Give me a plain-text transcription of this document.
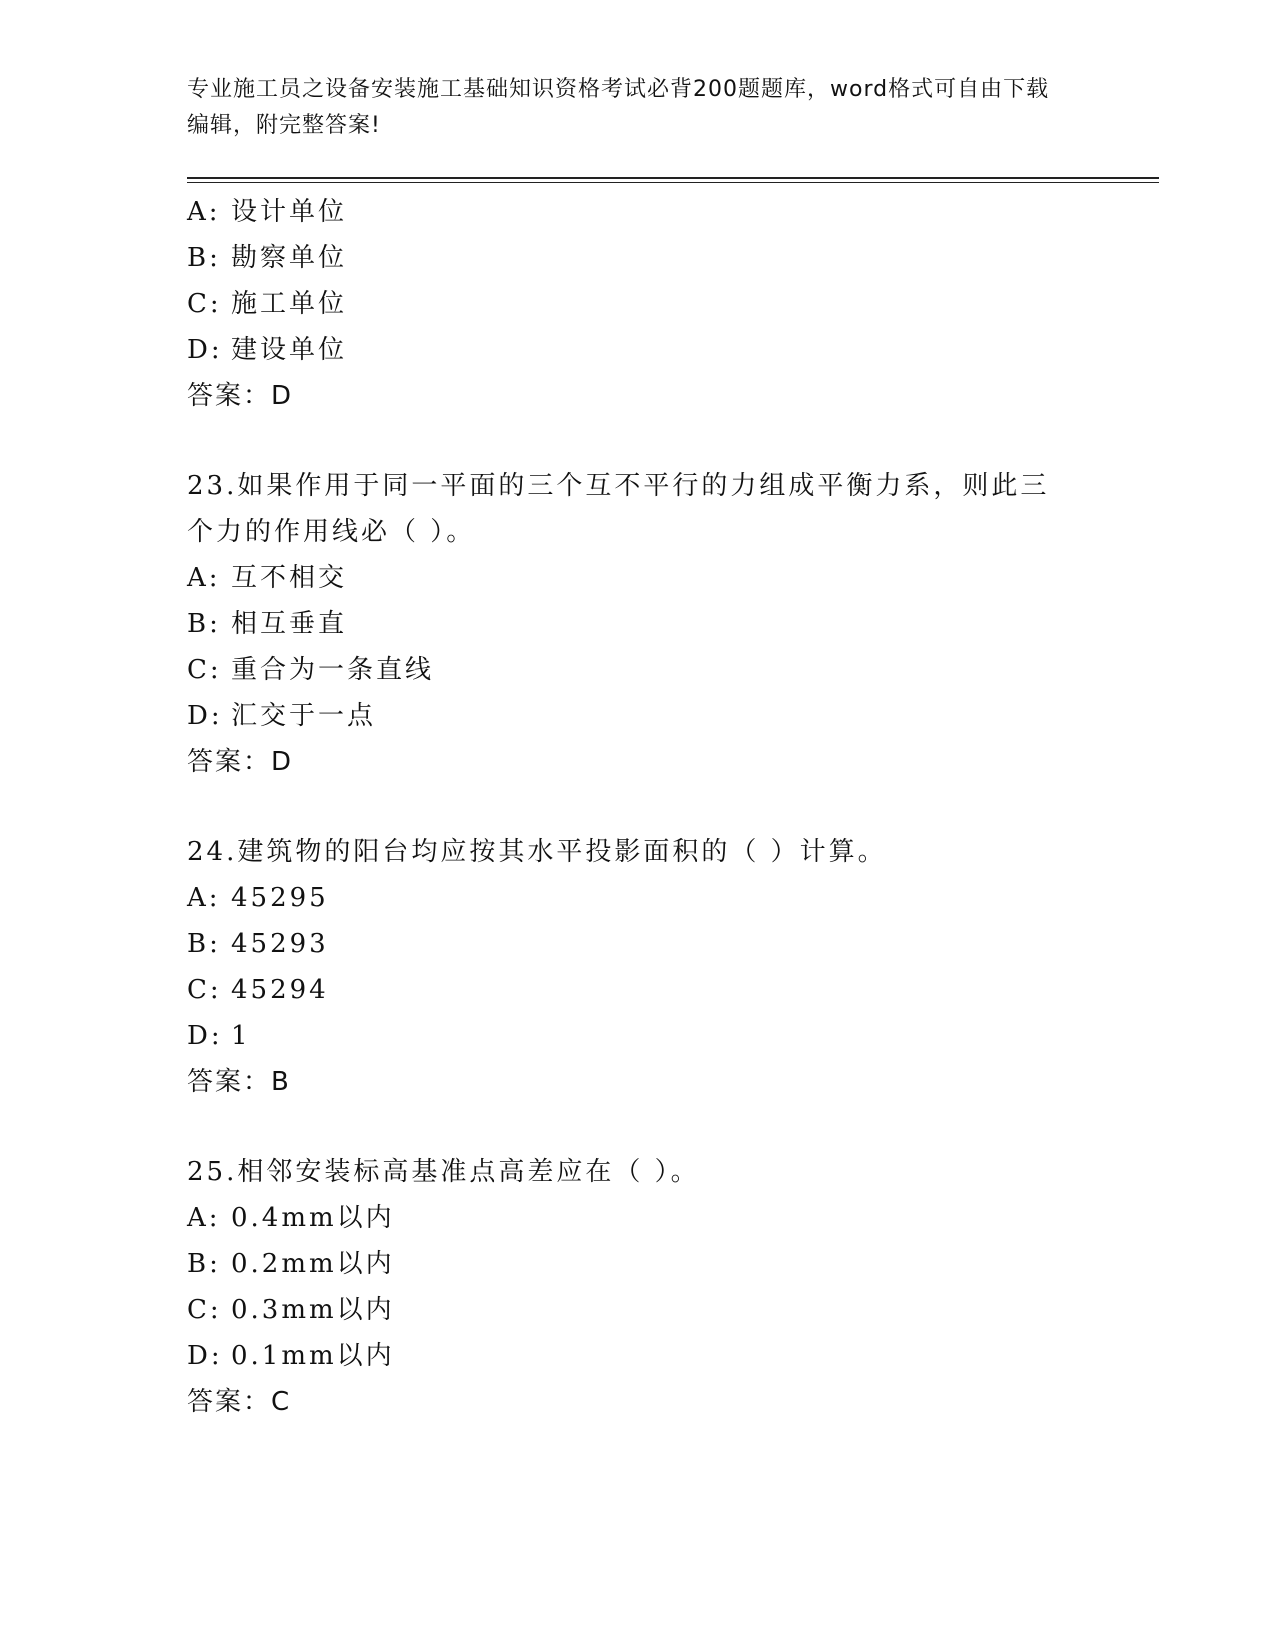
专业施工员之设备安装施工基础知识资格考试必背200题题库，word格式可自由下载编辑，附完整答案!
A: 设计单位
B: 勘察单位
C: 施工单位
D: 建设单位
答案：D
23.如果作用于同一平面的三个互不平行的力组成平衡力系，则此三个力的作用线必（ ）。
A: 互不相交
B: 相互垂直
C: 重合为一条直线
D: 汇交于一点
答案：D
24.建筑物的阳台均应按其水平投影面积的（ ）计算。
A: 45295
B: 45293
C: 45294
D: 1
答案：B
25.相邻安装标高基准点高差应在（ ）。
A: 0.4mm以内
B: 0.2mm以内
C: 0.3mm以内
D: 0.1mm以内
答案：C
